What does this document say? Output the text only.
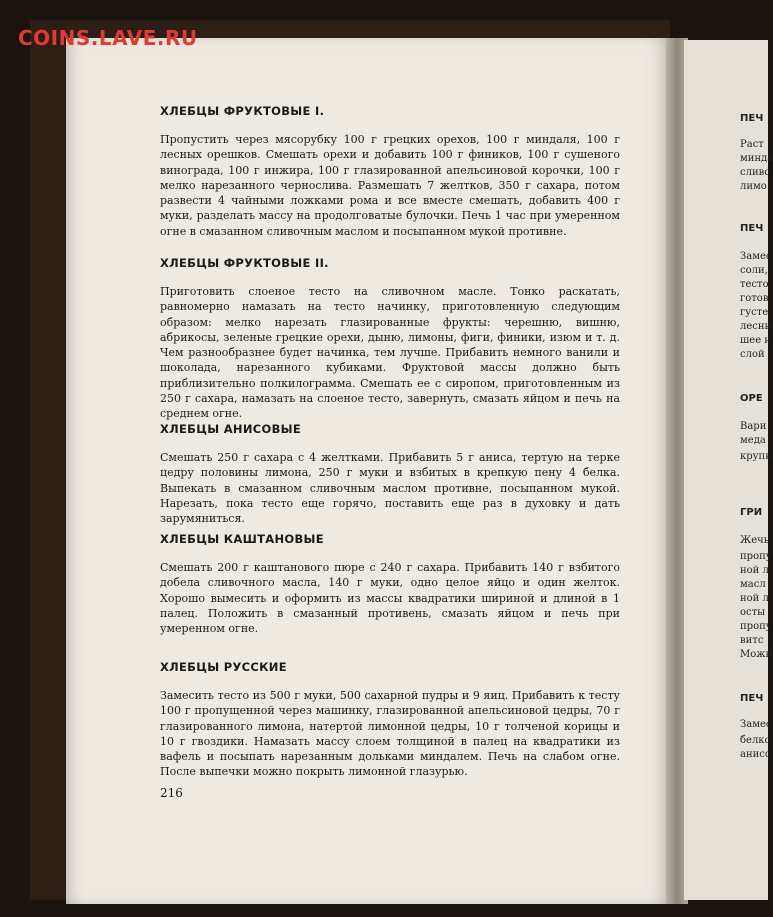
ПЕЧ
Раст
минда
сливо
лимо
ПЕЧ
Замес
соли,
тесто
готов
густе
лесны
шее н
слой
ОРЕ
Вари
меда
крупн
ГРИ
Жечь
пропу
ной л
масл
ной л
осты
пропу
витс
Можн
ПЕЧ
Замес
белко
анисо
COINS.LAVE.RU
ХЛЕБЦЫ ФРУКТОВЫЕ I.

Пропустить через мясорубку 100 г грецких орехов, 100 г миндаля, 100 г лесных орешков. Смешать орехи и добавить 100 г фиников, 100 г сушеного винограда, 100 г инжира, 100 г глазированной апельсиновой корочки, 100 г мелко нарезанного чернослива. Размешать 7 желтков, 350 г сахара, потом развести 4 чайными ложками рома и все вместе смешать, добавить 400 г муки, разделать массу на продолговатые булочки. Печь 1 час при умеренном огне в смазанном сливочным маслом и посыпанном мукой противне.

ХЛЕБЦЫ ФРУКТОВЫЕ II.

Приготовить слоеное тесто на сливочном масле. Тонко раскатать, равномерно намазать на тесто начинку, приготовленную следующим образом: мелко нарезать глазированные фрукты: черешню, вишню, абрикосы, зеленые грецкие орехи, дыню, лимоны, фиги, финики, изюм и т. д. Чем разнообразнее будет начинка, тем лучше. Прибавить немного ванили и шоколада, нарезанного кубиками. Фруктовой массы должно быть приблизительно полкилограмма. Смешать ее с сиропом, приготовленным из 250 г сахара, намазать на слоеное тесто, завернуть, смазать яйцом и печь на среднем огне.

ХЛЕБЦЫ АНИСОВЫЕ

Смешать 250 г сахара с 4 желтками. Прибавить 5 г аниса, тертую на терке цедру половины лимона, 250 г муки и взбитых в крепкую пену 4 белка. Выпекать в смазанном сливочным маслом противне, посыпанном мукой. Нарезать, пока тесто еще горячо, поставить еще раз в духовку и дать зарумяниться.

ХЛЕБЦЫ КАШТАНОВЫЕ

Смешать 200 г каштанового пюре с 240 г сахара. Прибавить 140 г взбитого добела сливочного масла, 140 г муки, одно целое яйцо и один желток. Хорошо вымесить и оформить из массы квадратики шириной и длиной в 1 палец. Положить в смазанный противень, смазать яйцом и печь при умеренном огне.

ХЛЕБЦЫ РУССКИЕ

Замесить тесто из 500 г муки, 500 сахарной пудры и 9 яиц. Прибавить к тесту 100 г пропущенной через машинку, глазированной апельсиновой цедры, 70 г глазированного лимона, натертой лимонной цедры, 10 г толченой корицы и 10 г гвоздики. Намазать массу слоем толщиной в палец на квадратики из вафель и посыпать нарезанным дольками миндалем. Печь на слабом огне. После выпечки можно покрыть лимонной глазурью.

216
